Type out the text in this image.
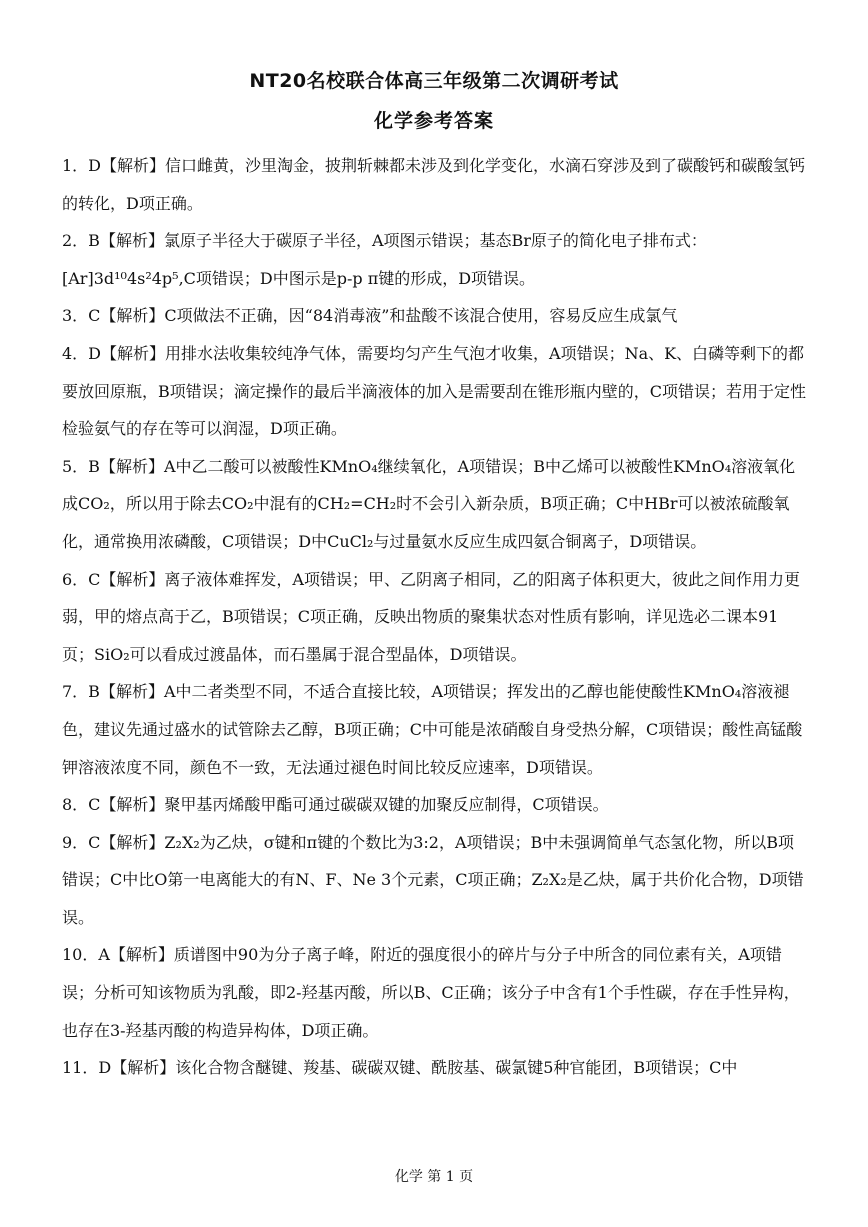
NT20名校联合体高三年级第二次调研考试
化学参考答案

1．D【解析】信口雌黄，沙里淘金，披荆斩棘都未涉及到化学变化，水滴石穿涉及到了碳酸钙和碳酸氢钙的转化，D项正确。

2．B【解析】氯原子半径大于碳原子半径，A项图示错误；基态Br原子的简化电子排布式：[Ar]3d¹⁰4s²4p⁵,C项错误；D中图示是p-p π键的形成，D项错误。

3．C【解析】C项做法不正确，因“84消毒液”和盐酸不该混合使用，容易反应生成氯气

4．D【解析】用排水法收集较纯净气体，需要均匀产生气泡才收集，A项错误；Na、K、白磷等剩下的都要放回原瓶，B项错误；滴定操作的最后半滴液体的加入是需要刮在锥形瓶内壁的，C项错误；若用于定性检验氨气的存在等可以润湿，D项正确。

5．B【解析】A中乙二酸可以被酸性KMnO₄继续氧化，A项错误；B中乙烯可以被酸性KMnO₄溶液氧化成CO₂，所以用于除去CO₂中混有的CH₂=CH₂时不会引入新杂质，B项正确；C中HBr可以被浓硫酸氧化，通常换用浓磷酸，C项错误；D中CuCl₂与过量氨水反应生成四氨合铜离子，D项错误。

6．C【解析】离子液体难挥发，A项错误；甲、乙阴离子相同，乙的阳离子体积更大，彼此之间作用力更弱，甲的熔点高于乙，B项错误；C项正确，反映出物质的聚集状态对性质有影响，详见选必二课本91页；SiO₂可以看成过渡晶体，而石墨属于混合型晶体，D项错误。

7．B【解析】A中二者类型不同，不适合直接比较，A项错误；挥发出的乙醇也能使酸性KMnO₄溶液褪色，建议先通过盛水的试管除去乙醇，B项正确；C中可能是浓硝酸自身受热分解，C项错误；酸性高锰酸钾溶液浓度不同，颜色不一致，无法通过褪色时间比较反应速率，D项错误。

8．C【解析】聚甲基丙烯酸甲酯可通过碳碳双键的加聚反应制得，C项错误。

9．C【解析】Z₂X₂为乙炔，σ键和π键的个数比为3:2，A项错误；B中未强调简单气态氢化物，所以B项错误；C中比O第一电离能大的有N、F、Ne 3个元素，C项正确；Z₂X₂是乙炔，属于共价化合物，D项错误。

10．A【解析】质谱图中90为分子离子峰，附近的强度很小的碎片与分子中所含的同位素有关，A项错误；分析可知该物质为乳酸，即2-羟基丙酸，所以B、C正确；该分子中含有1个手性碳，存在手性异构，也存在3-羟基丙酸的构造异构体，D项正确。

11．D【解析】该化合物含醚键、羧基、碳碳双键、酰胺基、碳氯键5种官能团，B项错误；C中

化学 第 1 页
